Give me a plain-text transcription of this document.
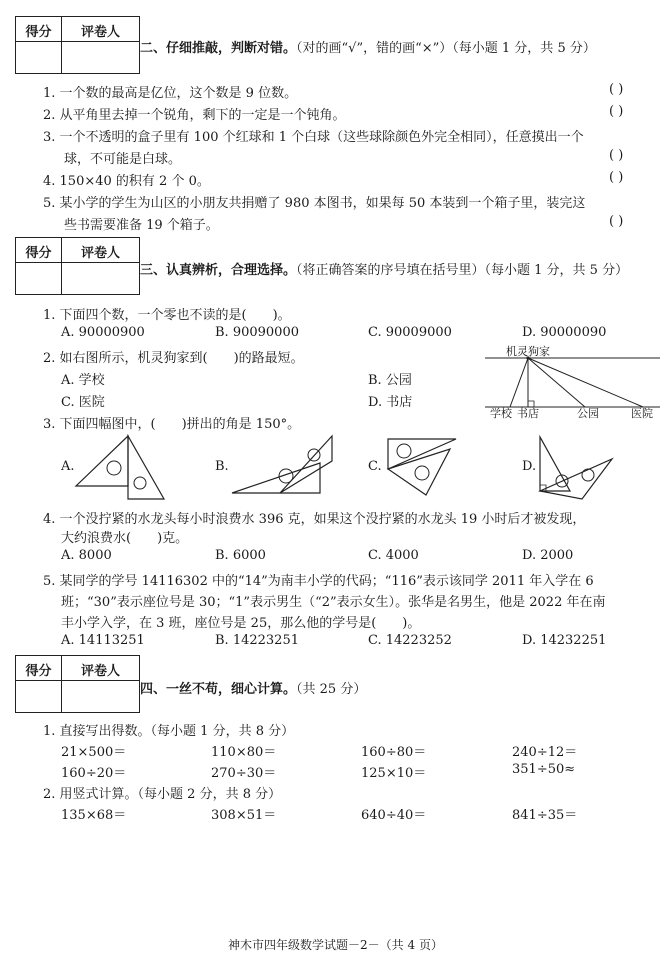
得分	评卷人
二、仔细推敲，判断对错。（对的画“√”，错的画“×”）（每小题 1 分，共 5 分）
1. 一个数的最高是亿位，这个数是 9 位数。	( )
2. 从平角里去掉一个锐角，剩下的一定是一个钝角。	( )
3. 一个不透明的盒子里有 100 个红球和 1 个白球（这些球除颜色外完全相同），任意摸出一个
球，不可能是白球。	( )
4. 150×40 的积有 2 个 0。	( )
5. 某小学的学生为山区的小朋友共捐赠了 980 本图书，如果每 50 本装到一个箱子里，装完这
些书需要准备 19 个箱子。	( )
得分	评卷人
三、认真辨析，合理选择。（将正确答案的序号填在括号里）（每小题 1 分，共 5 分）
1. 下面四个数，一个零也不读的是(　　)。
A. 90000900	B. 90090000	C. 90009000	D. 90000090
2. 如右图所示，机灵狗家到(　　)的路最短。
A. 学校	B. 公园
C. 医院	D. 书店
机灵狗家
学校 书店	公园	医院
3. 下面四幅图中，(　　)拼出的角是 150°。
A.	B.	C.	D.
4. 一个没拧紧的水龙头每小时浪费水 396 克，如果这个没拧紧的水龙头 19 小时后才被发现，
大约浪费水(　　)克。
A. 8000	B. 6000	C. 4000	D. 2000
5. 某同学的学号 14116302 中的“14”为南丰小学的代码；“116”表示该同学 2011 年入学在 6
班；“30”表示座位号是 30；“1”表示男生（“2”表示女生）。张华是名男生，他是 2022 年在南
丰小学入学，在 3 班，座位号是 25，那么他的学号是(　　)。
A. 14113251	B. 14223251	C. 14223252	D. 14232251
得分	评卷人
四、一丝不苟，细心计算。（共 25 分）
1. 直接写出得数。（每小题 1 分，共 8 分）
21×500＝	110×80＝	160÷80＝	240÷12＝
160÷20＝	270÷30＝	125×10＝	351÷50≈
2. 用竖式计算。（每小题 2 分，共 8 分）
135×68＝	308×51＝	640÷40＝	841÷35＝
神木市四年级数学试题－2－（共 4 页）
